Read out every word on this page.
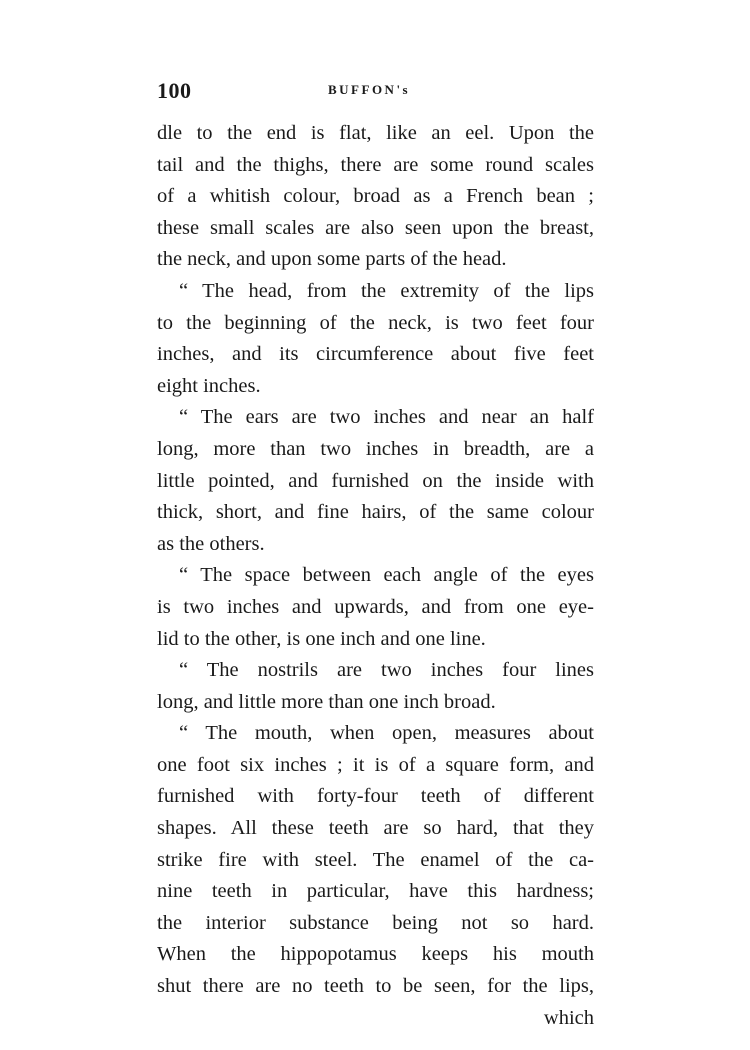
100	BUFFON's
dle to the end is flat, like an eel. Upon the
tail and the thighs, there are some round scales
of a whitish colour, broad as a French bean ;
these small scales are also seen upon the breast,
the neck, and upon some parts of the head.
“ The head, from the extremity of the lips
to the beginning of the neck, is two feet four
inches, and its circumference about five feet
eight inches.
“ The ears are two inches and near an half
long, more than two inches in breadth, are a
little pointed, and furnished on the inside with
thick, short, and fine hairs, of the same colour
as the others.
“ The space between each angle of the eyes
is two inches and upwards, and from one eye-
lid to the other, is one inch and one line.
“ The nostrils are two inches four lines
long, and little more than one inch broad.
“ The mouth, when open, measures about
one foot six inches ; it is of a square form, and
furnished with forty-four teeth of different
shapes. All these teeth are so hard, that they
strike fire with steel. The enamel of the ca-
nine teeth in particular, have this hardness;
the interior substance being not so hard.
When the hippopotamus keeps his mouth
shut there are no teeth to be seen, for the lips,
which
